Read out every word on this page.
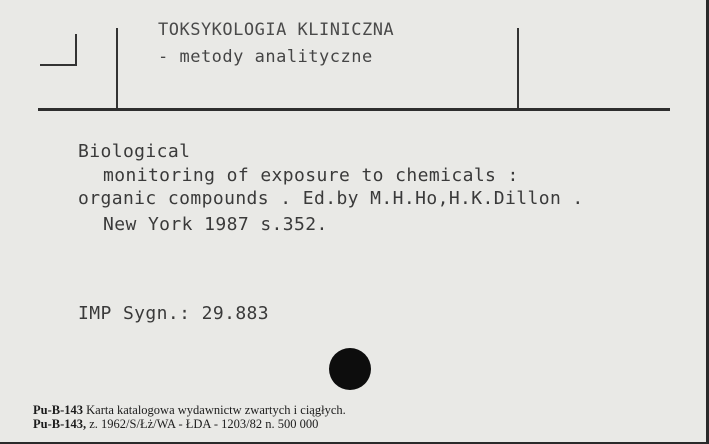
TOKSYKOLOGIA KLINICZNA

- metody analityczne

Biological

monitoring of exposure to chemicals :

organic compounds . Ed.by M.H.Ho,H.K.Dillon .

New York 1987 s.352.

IMP Sygn.: 29.883

Pu-B-143 Karta katalogowa wydawnictw zwartych i ciągłych.

Pu-B-143, z. 1962/S/Łż/WA - ŁDA - 1203/82 n. 500 000
